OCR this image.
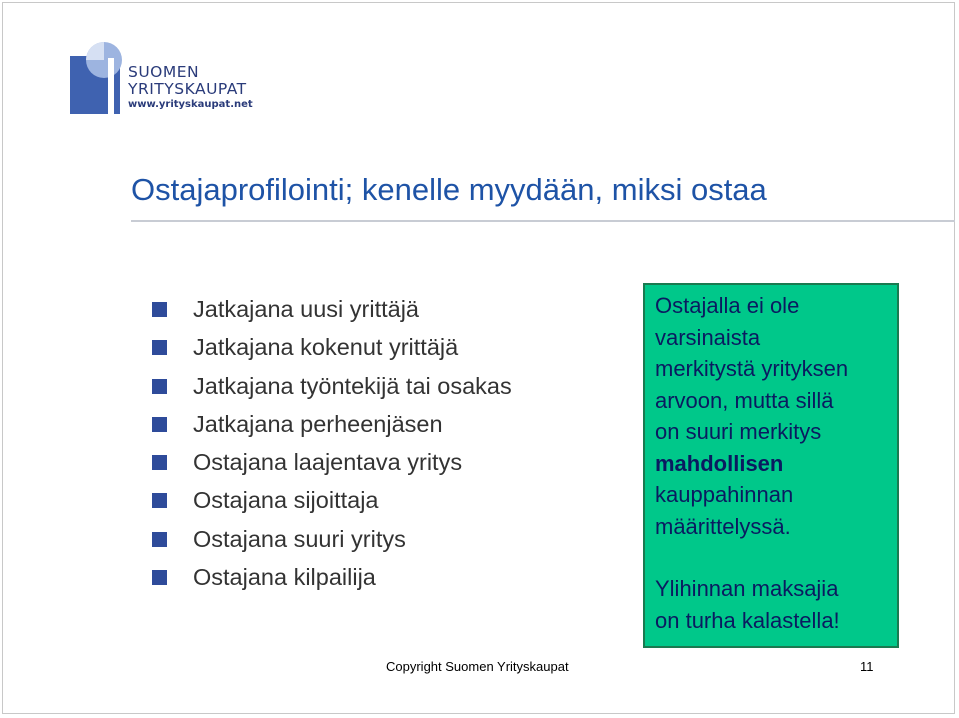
SUOMEN
YRITYSKAUPAT
www.yrityskaupat.net
Ostajaprofilointi; kenelle myydään, miksi ostaa
Jatkajana uusi yrittäjä
Jatkajana kokenut yrittäjä
Jatkajana työntekijä tai osakas
Jatkajana perheenjäsen
Ostajana laajentava yritys
Ostajana sijoittaja
Ostajana suuri yritys
Ostajana kilpailija

Ostajalla ei ole

varsinaista

merkitystä yrityksen

arvoon, mutta sillä

on suuri merkitys

mahdollisen

kauppahinnan

määrittelyssä.

Ylihinnan maksajia

on turha kalastella!

Copyright Suomen Yrityskaupat	11
